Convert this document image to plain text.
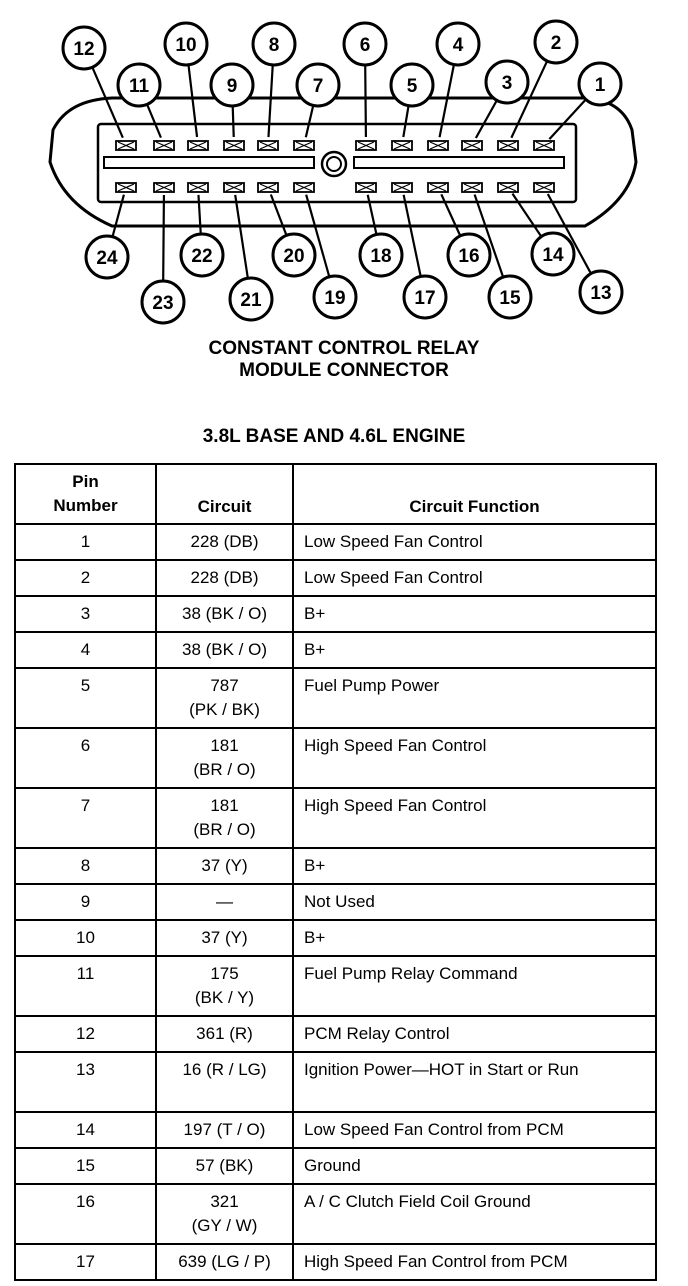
12
11
10
9
8
7
6
5
4
3
2
1
24
23
22
21
20
19
18
17
16
15
14
13
CONSTANT CONTROL RELAY
MODULE CONNECTOR
3.8L BASE AND 4.6L ENGINE
Pin
Number	Circuit	Circuit Function
1	228 (DB)	Low Speed Fan Control
2	228 (DB)	Low Speed Fan Control
3	38 (BK / O)	B+
4	38 (BK / O)	B+
5	787
(PK / BK)	Fuel Pump Power
6	181
(BR / O)	High Speed Fan Control
7	181
(BR / O)	High Speed Fan Control
8	37 (Y)	B+
9	—	Not Used
10	37 (Y)	B+
11	175
(BK / Y)	Fuel Pump Relay Command
12	361 (R)	PCM Relay Control
13	16 (R / LG)	Ignition Power—HOT in Start or Run
14	197 (T / O)	Low Speed Fan Control from PCM
15	57 (BK)	Ground
16	321
(GY / W)	A / C Clutch Field Coil Ground
17	639 (LG / P)	High Speed Fan Control from PCM
